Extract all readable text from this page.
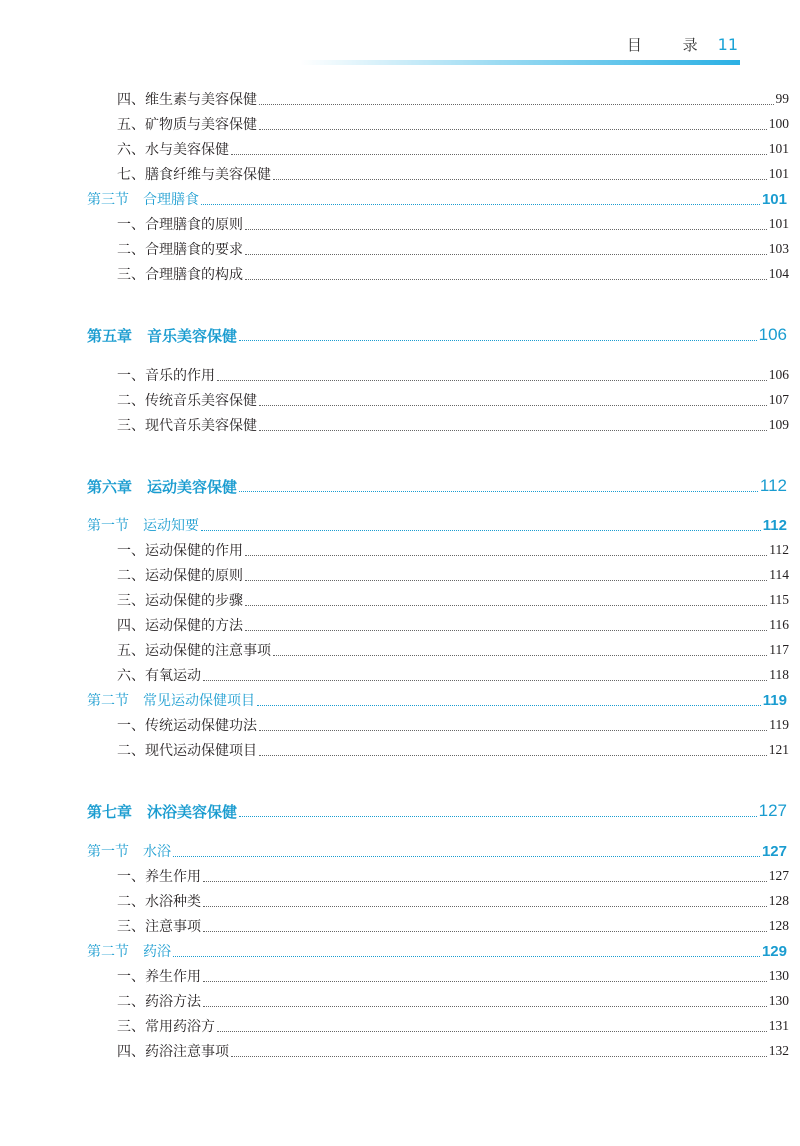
目 录 11
四、维生素与美容保健	99
五、矿物质与美容保健	100
六、水与美容保健	101
七、膳食纤维与美容保健	101
第三节　合理膳食	101
一、合理膳食的原则	101
二、合理膳食的要求	103
三、合理膳食的构成	104
第五章　音乐美容保健	106
一、音乐的作用	106
二、传统音乐美容保健	107
三、现代音乐美容保健	109
第六章　运动美容保健	112
第一节　运动知要	112
一、运动保健的作用	112
二、运动保健的原则	114
三、运动保健的步骤	115
四、运动保健的方法	116
五、运动保健的注意事项	117
六、有氧运动	118
第二节　常见运动保健项目	119
一、传统运动保健功法	119
二、现代运动保健项目	121
第七章　沐浴美容保健	127
第一节　水浴	127
一、养生作用	127
二、水浴种类	128
三、注意事项	128
第二节　药浴	129
一、养生作用	130
二、药浴方法	130
三、常用药浴方	131
四、药浴注意事项	132
